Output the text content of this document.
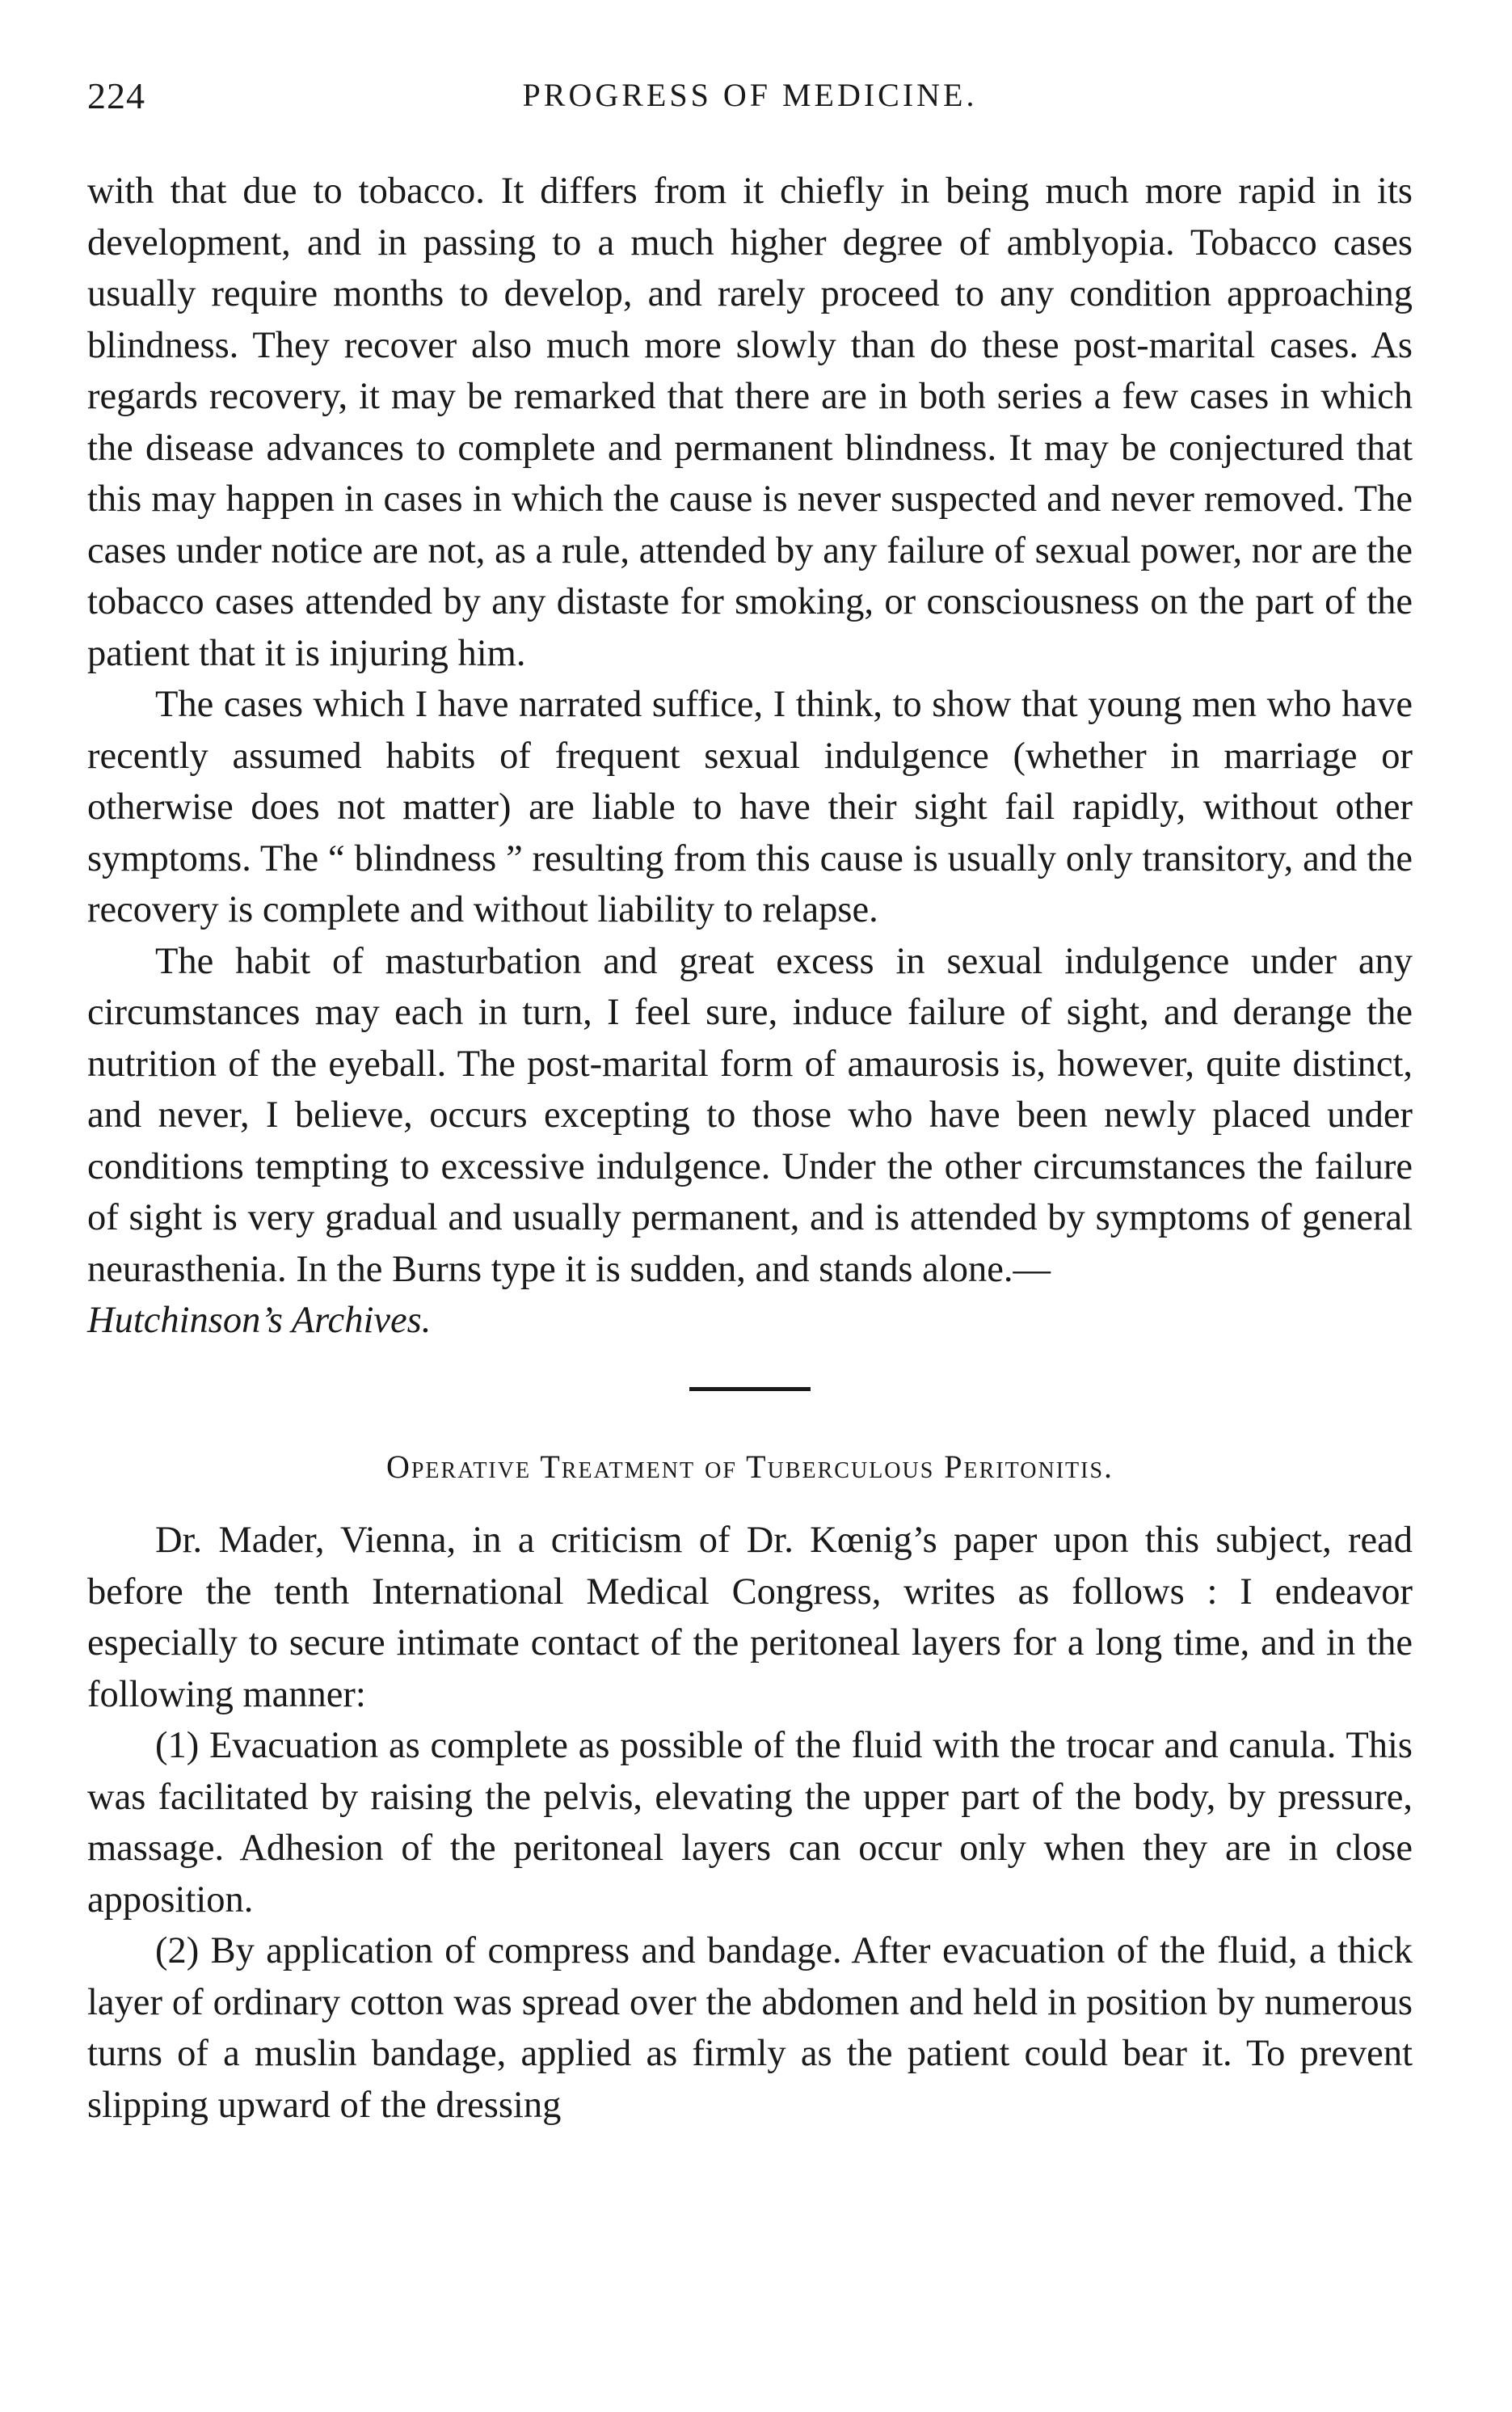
224	PROGRESS OF MEDICINE.

with that due to tobacco. It differs from it chiefly in being much more rapid in its development, and in passing to a much higher degree of amblyopia. Tobacco cases usually require months to develop, and rarely proceed to any condition approaching blindness. They recover also much more slowly than do these post-marital cases. As regards recovery, it may be remarked that there are in both series a few cases in which the disease advances to complete and permanent blindness. It may be conjectured that this may happen in cases in which the cause is never suspected and never removed. The cases under notice are not, as a rule, attended by any failure of sexual power, nor are the tobacco cases attended by any distaste for smoking, or consciousness on the part of the patient that it is injuring him.

The cases which I have narrated suffice, I think, to show that young men who have recently assumed habits of frequent sexual indulgence (whether in marriage or otherwise does not matter) are liable to have their sight fail rapidly, without other symptoms. The “ blindness ” resulting from this cause is usually only transitory, and the recovery is complete and without liability to relapse.

The habit of masturbation and great excess in sexual indulgence under any circumstances may each in turn, I feel sure, induce failure of sight, and derange the nutrition of the eyeball. The post-marital form of amaurosis is, however, quite distinct, and never, I believe, occurs excepting to those who have been newly placed under conditions tempting to excessive indulgence. Under the other circumstances the failure of sight is very gradual and usually permanent, and is attended by symptoms of general neurasthenia. In the Burns type it is sudden, and stands alone.—

Hutchinson’s Archives.
Operative Treatment of Tuberculous Peritonitis.

Dr. Mader, Vienna, in a criticism of Dr. Kœnig’s paper upon this subject, read before the tenth International Medical Congress, writes as follows : I endeavor especially to secure intimate contact of the peritoneal layers for a long time, and in the following manner:

(1) Evacuation as complete as possible of the fluid with the trocar and canula. This was facilitated by raising the pelvis, elevating the upper part of the body, by pressure, massage. Adhesion of the peritoneal layers can occur only when they are in close apposition.

(2) By application of compress and bandage. After evacuation of the fluid, a thick layer of ordinary cotton was spread over the abdomen and held in position by numerous turns of a muslin bandage, applied as firmly as the patient could bear it. To prevent slipping upward of the dressing
